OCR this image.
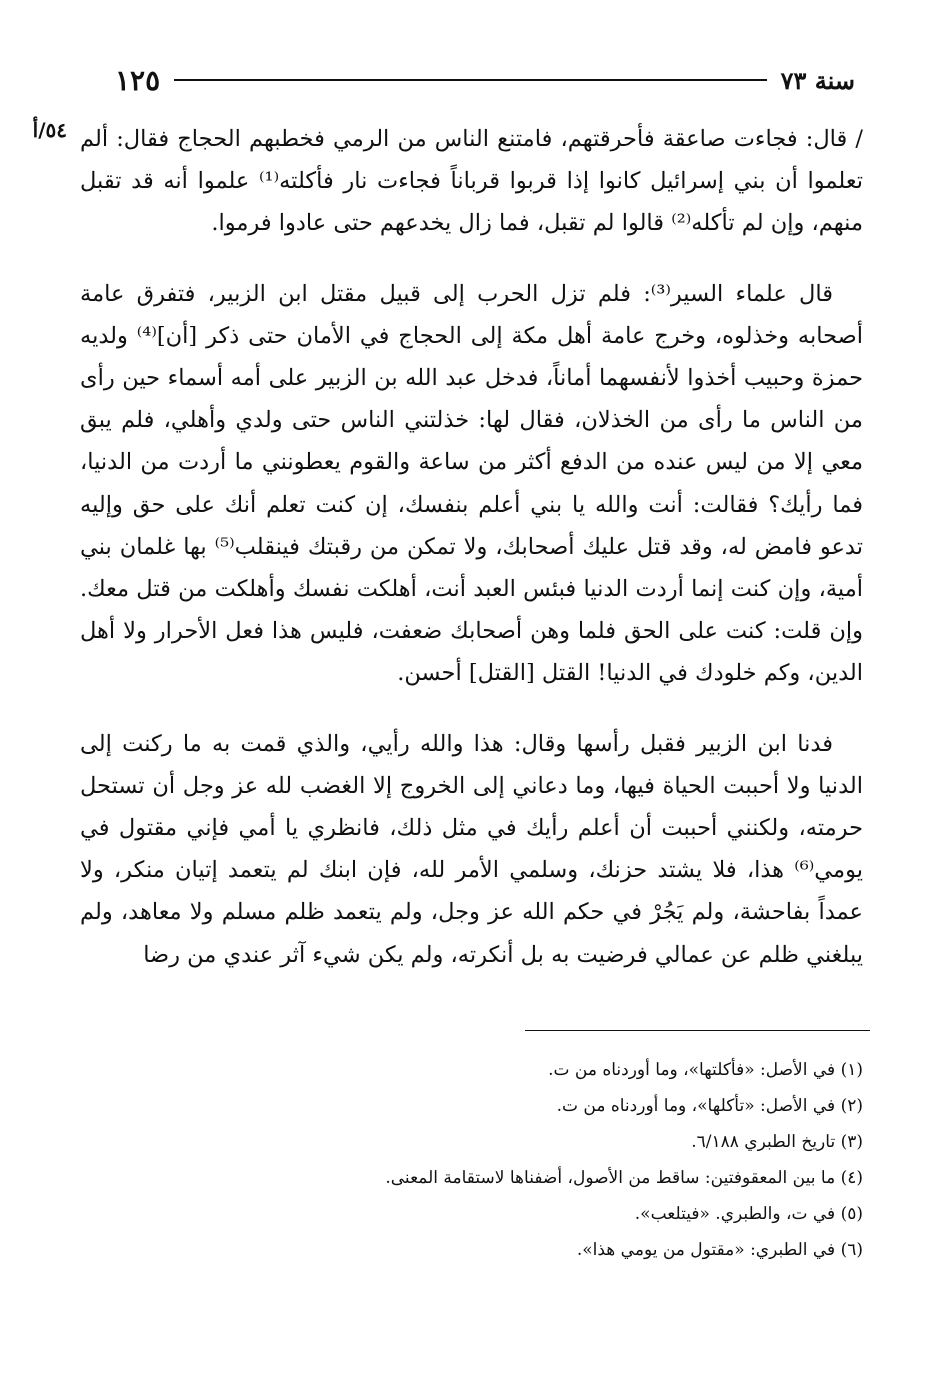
سنة ٧٣
١٢٥
٥٤/أ / قال: فجاءت صاعقة فأحرقتهم، فامتنع الناس من الرمي فخطبهم الحجاج فقال: ألم تعلموا أن بني إسرائيل كانوا إذا قربوا قرباناً فجاءت نار فأكلته⁽¹⁾ علموا أنه قد تقبل منهم، وإن لم تأكله⁽²⁾ قالوا لم تقبل، فما زال يخدعهم حتى عادوا فرموا.

قال علماء السير⁽³⁾: فلم تزل الحرب إلى قبيل مقتل ابن الزبير، فتفرق عامة أصحابه وخذلوه، وخرج عامة أهل مكة إلى الحجاج في الأمان حتى ذكر [أن]⁽⁴⁾ ولديه حمزة وحبيب أخذوا لأنفسهما أماناً، فدخل عبد الله بن الزبير على أمه أسماء حين رأى من الناس ما رأى من الخذلان، فقال لها: خذلتني الناس حتى ولدي وأهلي، فلم يبق معي إلا من ليس عنده من الدفع أكثر من ساعة والقوم يعطونني ما أردت من الدنيا، فما رأيك؟ فقالت: أنت والله يا بني أعلم بنفسك، إن كنت تعلم أنك على حق وإليه تدعو فامض له، وقد قتل عليك أصحابك، ولا تمكن من رقبتك فينقلب⁽⁵⁾ بها غلمان بني أمية، وإن كنت إنما أردت الدنيا فبئس العبد أنت، أهلكت نفسك وأهلكت من قتل معك. وإن قلت: كنت على الحق فلما وهن أصحابك ضعفت، فليس هذا فعل الأحرار ولا أهل الدين، وكم خلودك في الدنيا! القتل [القتل] أحسن.

فدنا ابن الزبير فقبل رأسها وقال: هذا والله رأيي، والذي قمت به ما ركنت إلى الدنيا ولا أحببت الحياة فيها، وما دعاني إلى الخروج إلا الغضب لله عز وجل أن تستحل حرمته، ولكنني أحببت أن أعلم رأيك في مثل ذلك، فانظري يا أمي فإني مقتول في يومي⁽⁶⁾ هذا، فلا يشتد حزنك، وسلمي الأمر لله، فإن ابنك لم يتعمد إتيان منكر، ولا عمداً بفاحشة، ولم يَجُرْ في حكم الله عز وجل، ولم يتعمد ظلم مسلم ولا معاهد، ولم يبلغني ظلم عن عمالي فرضيت به بل أنكرته، ولم يكن شيء آثر عندي من رضا

(١) في الأصل: «فأكلتها»، وما أوردناه من ت.

(٢) في الأصل: «تأكلها»، وما أوردناه من ت.

(٣) تاريخ الطبري ٦/١٨٨.

(٤) ما بين المعقوفتين: ساقط من الأصول، أضفناها لاستقامة المعنى.

(٥) في ت، والطبري. «فيتلعب».

(٦) في الطبري: «مقتول من يومي هذا».
